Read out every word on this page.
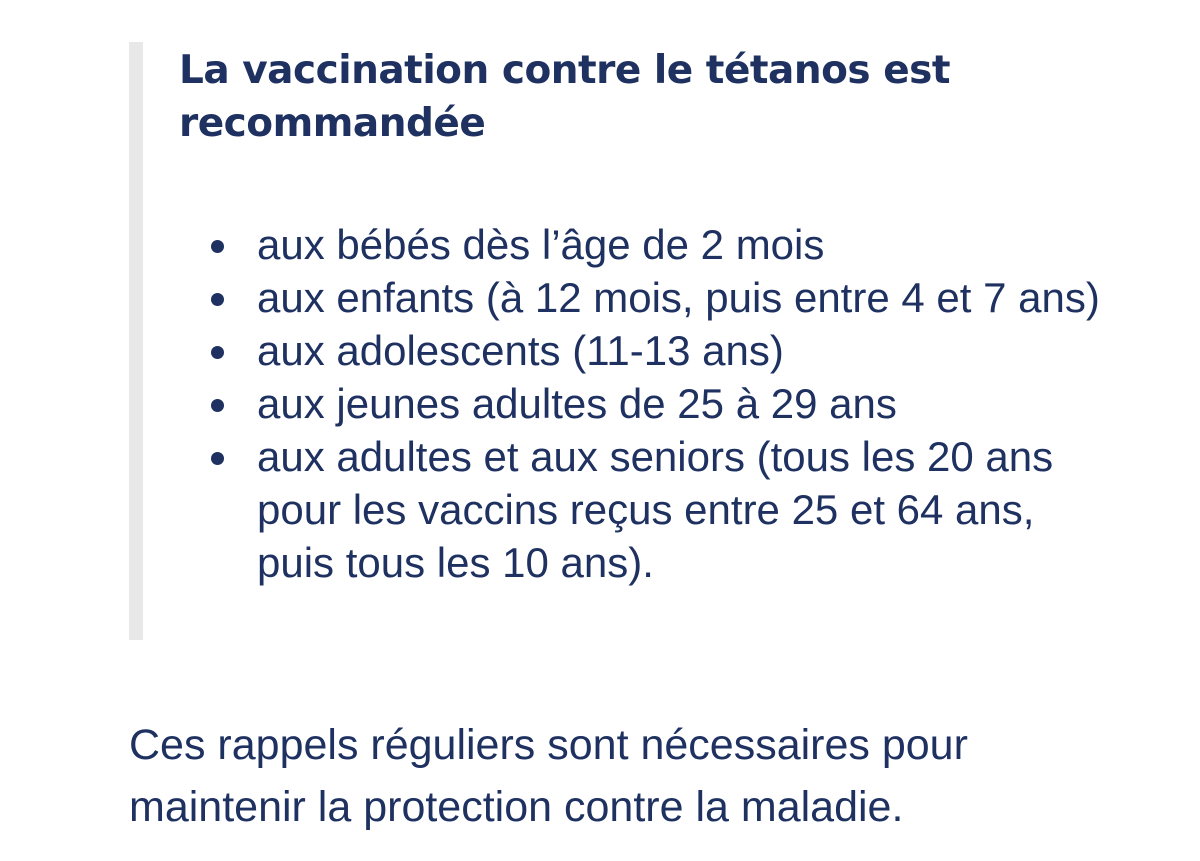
La vaccination contre le tétanos est recommandée
aux bébés dès l’âge de 2 mois
aux enfants (à 12 mois, puis entre 4 et 7 ans)
aux adolescents (11-13 ans)
aux jeunes adultes de 25 à 29 ans
aux adultes et aux seniors (tous les 20 ans pour les vaccins reçus entre 25 et 64 ans, puis tous les 10 ans).

Ces rappels réguliers sont nécessaires pour maintenir la protection contre la maladie.
